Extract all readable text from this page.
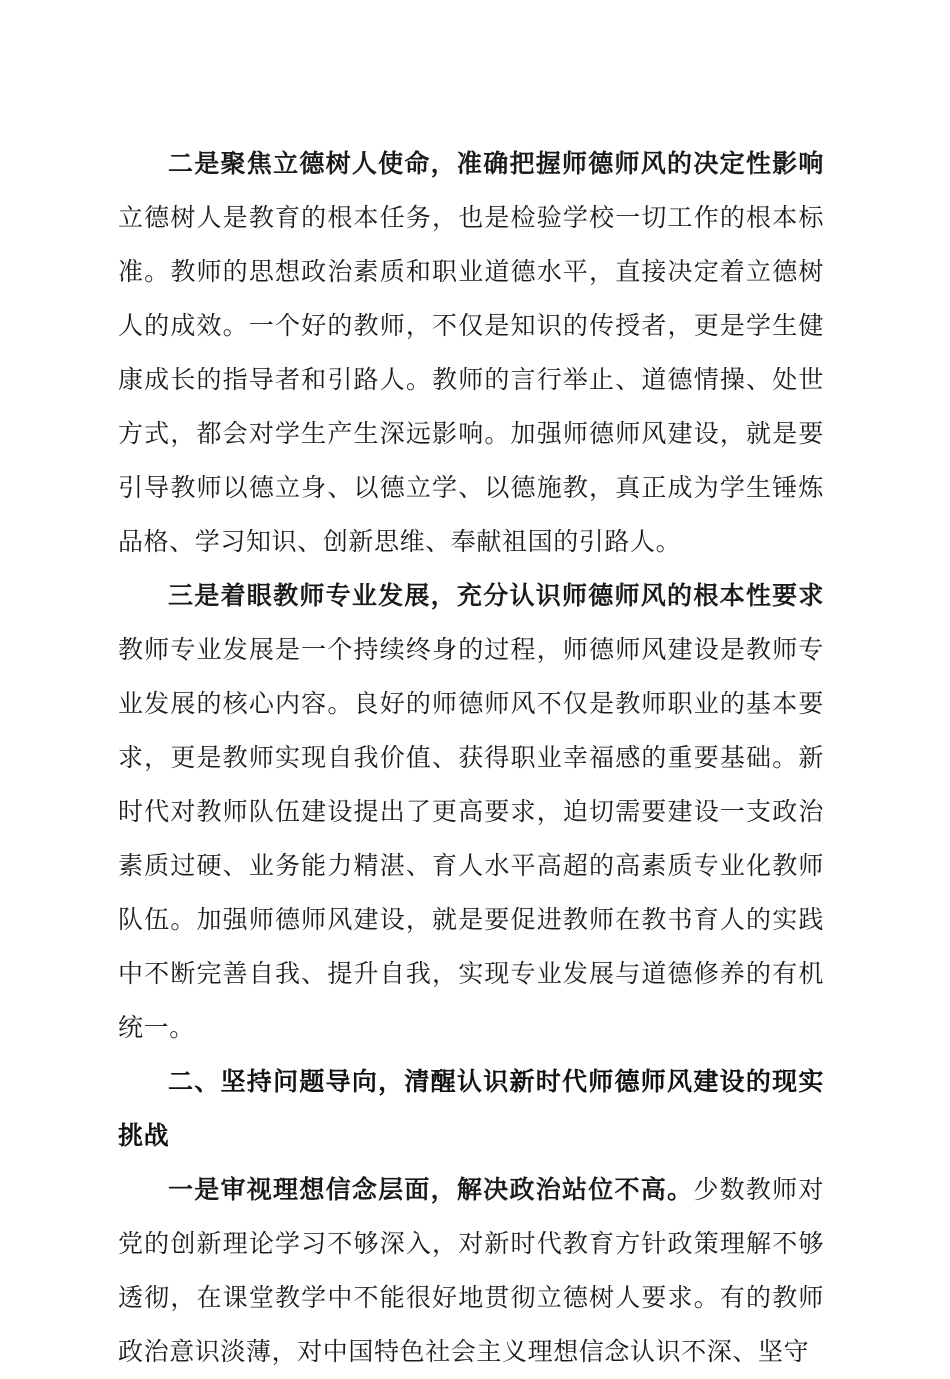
二是聚焦立德树人使命，准确把握师德师风的决定性影响立德树人是教育的根本任务，也是检验学校一切工作的根本标准。教师的思想政治素质和职业道德水平，直接决定着立德树人的成效。一个好的教师，不仅是知识的传授者，更是学生健康成长的指导者和引路人。教师的言行举止、道德情操、处世方式，都会对学生产生深远影响。加强师德师风建设，就是要引导教师以德立身、以德立学、以德施教，真正成为学生锤炼品格、学习知识、创新思维、奉献祖国的引路人。

三是着眼教师专业发展，充分认识师德师风的根本性要求教师专业发展是一个持续终身的过程，师德师风建设是教师专业发展的核心内容。良好的师德师风不仅是教师职业的基本要求，更是教师实现自我价值、获得职业幸福感的重要基础。新时代对教师队伍建设提出了更高要求，迫切需要建设一支政治素质过硬、业务能力精湛、育人水平高超的高素质专业化教师队伍。加强师德师风建设，就是要促进教师在教书育人的实践中不断完善自我、提升自我，实现专业发展与道德修养的有机统一。

二、坚持问题导向，清醒认识新时代师德师风建设的现实挑战

一是审视理想信念层面，解决政治站位不高。少数教师对党的创新理论学习不够深入，对新时代教育方针政策理解不够透彻，在课堂教学中不能很好地贯彻立德树人要求。有的教师政治意识淡薄，对中国特色社会主义理想信念认识不深、坚守
